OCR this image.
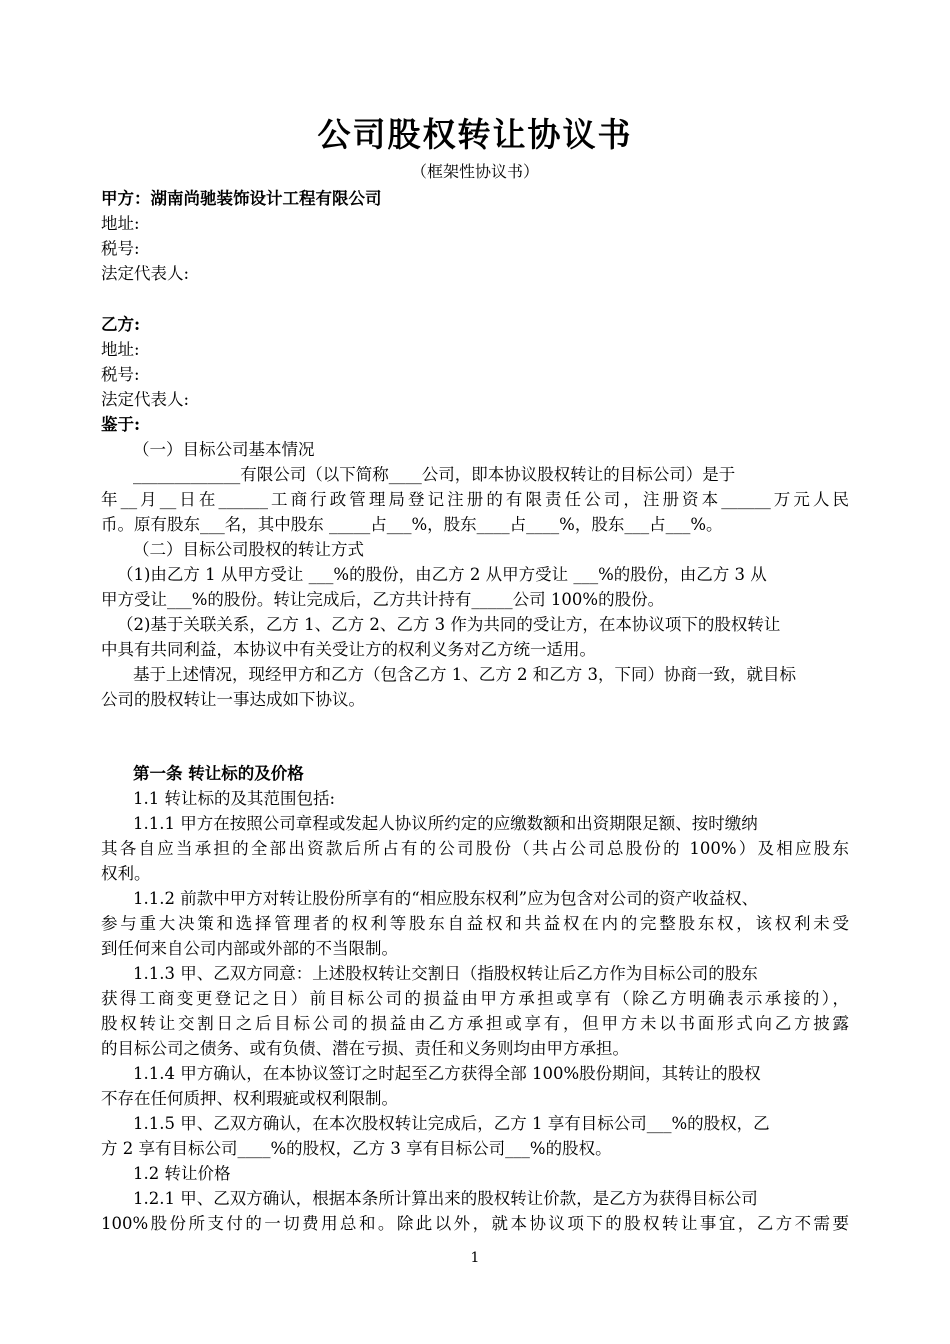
公司股权转让协议书
（框架性协议书）
甲方：湖南尚驰装饰设计工程有限公司
地址:
税号:
法定代表人:
乙方:
地址:
税号:
法定代表人:
鉴于:
（一）目标公司基本情况
_____________有限公司（以下简称____公司，即本协议股权转让的目标公司）是于
年__月__日在______工商行政管理局登记注册的有限责任公司，注册资本______万元人民
币。原有股东___名，其中股东 _____占___%，股东____占____%，股东___占___%。
（二）目标公司股权的转让方式
（1)由乙方 1 从甲方受让 ___%的股份，由乙方 2 从甲方受让 ___%的股份，由乙方 3 从
甲方受让___%的股份。转让完成后，乙方共计持有_____公司 100%的股份。
（2)基于关联关系，乙方 1、乙方 2、乙方 3 作为共同的受让方，在本协议项下的股权转让
中具有共同利益，本协议中有关受让方的权利义务对乙方统一适用。
基于上述情况，现经甲方和乙方（包含乙方 1、乙方 2 和乙方 3，下同）协商一致，就目标
公司的股权转让一事达成如下协议。
第一条 转让标的及价格
1.1 转让标的及其范围包括:
1.1.1 甲方在按照公司章程或发起人协议所约定的应缴数额和出资期限足额、按时缴纳
其各自应当承担的全部出资款后所占有的公司股份（共占公司总股份的 100%）及相应股东
权利。
1.1.2 前款中甲方对转让股份所享有的“相应股东权利”应为包含对公司的资产收益权、
参与重大决策和选择管理者的权利等股东自益权和共益权在内的完整股东权，该权利未受
到任何来自公司内部或外部的不当限制。
1.1.3 甲、乙双方同意：上述股权转让交割日（指股权转让后乙方作为目标公司的股东
获得工商变更登记之日）前目标公司的损益由甲方承担或享有（除乙方明确表示承接的），
股权转让交割日之后目标公司的损益由乙方承担或享有，但甲方未以书面形式向乙方披露
的目标公司之债务、或有负债、潜在亏损、责任和义务则均由甲方承担。
1.1.4 甲方确认，在本协议签订之时起至乙方获得全部 100%股份期间，其转让的股权
不存在任何质押、权利瑕疵或权利限制。
1.1.5 甲、乙双方确认，在本次股权转让完成后，乙方 1 享有目标公司___%的股权，乙
方 2 享有目标公司____%的股权，乙方 3 享有目标公司___%的股权。
1.2 转让价格
1.2.1 甲、乙双方确认，根据本条所计算出来的股权转让价款，是乙方为获得目标公司
100%股份所支付的一切费用总和。除此以外，就本协议项下的股权转让事宜，乙方不需要
1
